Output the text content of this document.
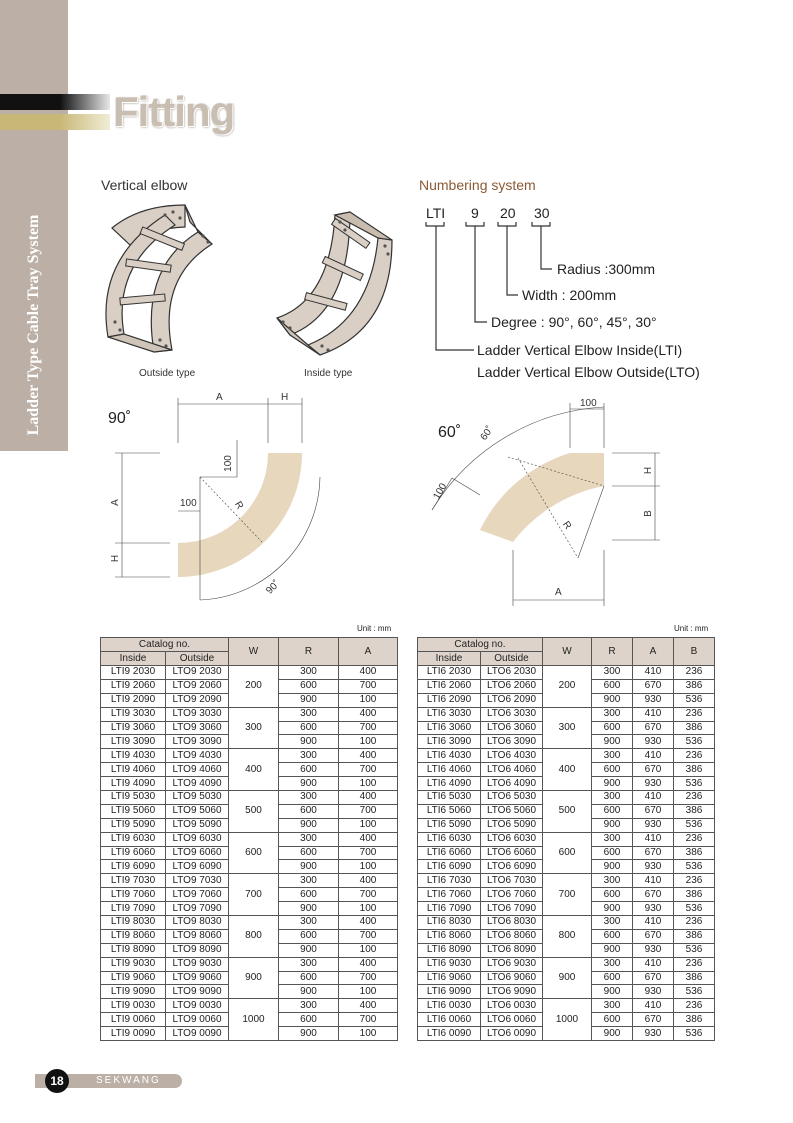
Ladder Type Cable Tray System
Fitting
Vertical elbow	Numbering system
Outside type	Inside type
LTI 9 20 30
Radius :300mm
Width : 200mm
Degree : 90°, 60°, 45°, 30°
Ladder Vertical Elbow Inside(LTI)
Ladder Vertical Elbow Outside(LTO)
90˚
A	H
100
R
100
A
H
90˚
60˚
100
60˚
100
H
B
R
A
Unit : mm
Catalog no.		W	R	A
Inside	Outside			
LTI9 2030	LTO9 2030	200	300	400
LTI9 2060	LTO9 2060		600	700
LTI9 2090	LTO9 2090		900	100
LTI9 3030	LTO9 3030	300	300	400
LTI9 3060	LTO9 3060		600	700
LTI9 3090	LTO9 3090		900	100
LTI9 4030	LTO9 4030	400	300	400
LTI9 4060	LTO9 4060		600	700
LTI9 4090	LTO9 4090		900	100
LTI9 5030	LTO9 5030	500	300	400
LTI9 5060	LTO9 5060		600	700
LTI9 5090	LTO9 5090		900	100
LTI9 6030	LTO9 6030	600	300	400
LTI9 6060	LTO9 6060		600	700
LTI9 6090	LTO9 6090		900	100
LTI9 7030	LTO9 7030	700	300	400
LTI9 7060	LTO9 7060		600	700
LTI9 7090	LTO9 7090		900	100
LTI9 8030	LTO9 8030	800	300	400
LTI9 8060	LTO9 8060		600	700
LTI9 8090	LTO9 8090		900	100
LTI9 9030	LTO9 9030	900	300	400
LTI9 9060	LTO9 9060		600	700
LTI9 9090	LTO9 9090		900	100
LTI9 0030	LTO9 0030	1000	300	400
LTI9 0060	LTO9 0060		600	700
LTI9 0090	LTO9 0090		900	100
Unit : mm
Catalog no.		W	R	A	B
Inside	Outside				
LTI6 2030	LTO6 2030	200	300	410	236
LTI6 2060	LTO6 2060		600	670	386
LTI6 2090	LTO6 2090		900	930	536
LTI6 3030	LTO6 3030	300	300	410	236
LTI6 3060	LTO6 3060		600	670	386
LTI6 3090	LTO6 3090		900	930	536
LTI6 4030	LTO6 4030	400	300	410	236
LTI6 4060	LTO6 4060		600	670	386
LTI6 4090	LTO6 4090		900	930	536
LTI6 5030	LTO6 5030	500	300	410	236
LTI6 5060	LTO6 5060		600	670	386
LTI6 5090	LTO6 5090		900	930	536
LTI6 6030	LTO6 6030	600	300	410	236
LTI6 6060	LTO6 6060		600	670	386
LTI6 6090	LTO6 6090		900	930	536
LTI6 7030	LTO6 7030	700	300	410	236
LTI6 7060	LTO6 7060		600	670	386
LTI6 7090	LTO6 7090		900	930	536
LTI6 8030	LTO6 8030	800	300	410	236
LTI6 8060	LTO6 8060		600	670	386
LTI6 8090	LTO6 8090		900	930	536
LTI6 9030	LTO6 9030	900	300	410	236
LTI6 9060	LTO6 9060		600	670	386
LTI6 9090	LTO6 9090		900	930	536
LTI6 0030	LTO6 0030	1000	300	410	236
LTI6 0060	LTO6 0060		600	670	386
LTI6 0090	LTO6 0090		900	930	536
18	SEKWANG
